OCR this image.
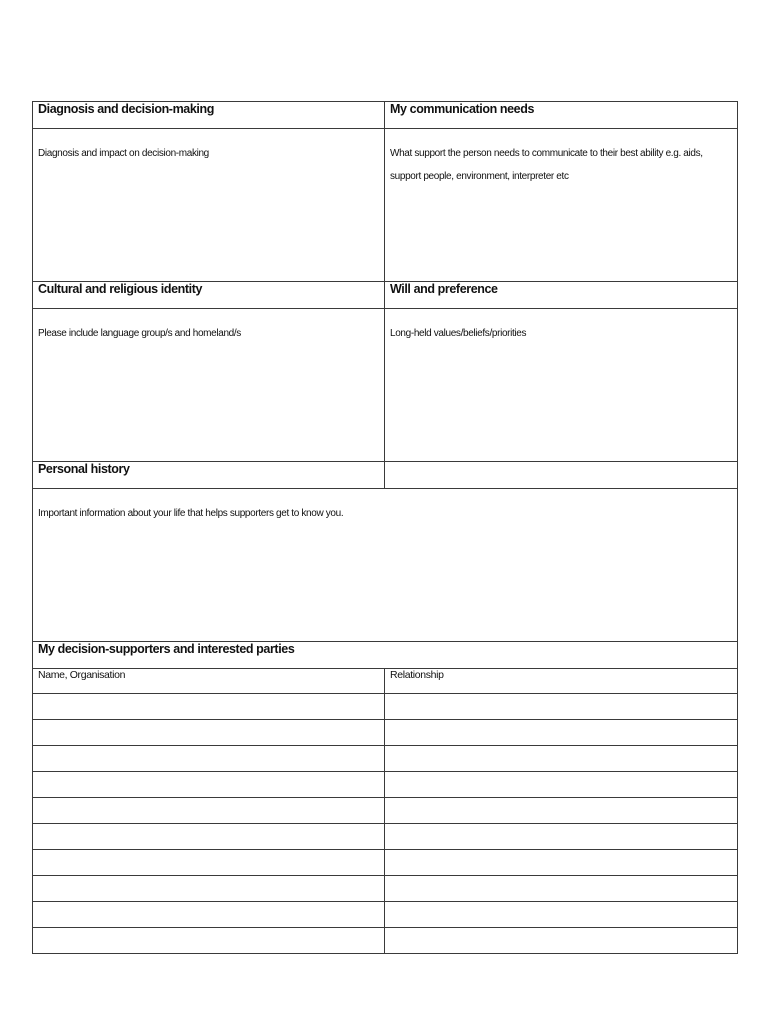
Diagnosis and decision-making	My communication needs

Diagnosis and impact on decision-making	What support the person needs to communicate to their best ability e.g. aids, support people, environment, interpreter etc

Cultural and religious identity	Will and preference

Please include language group/s and homeland/s	Long-held values/beliefs/priorities

Personal history	

Important information about your life that helps supporters get to know you.	

My decision-supporters and interested parties	
Name, Organisation	Relationship
